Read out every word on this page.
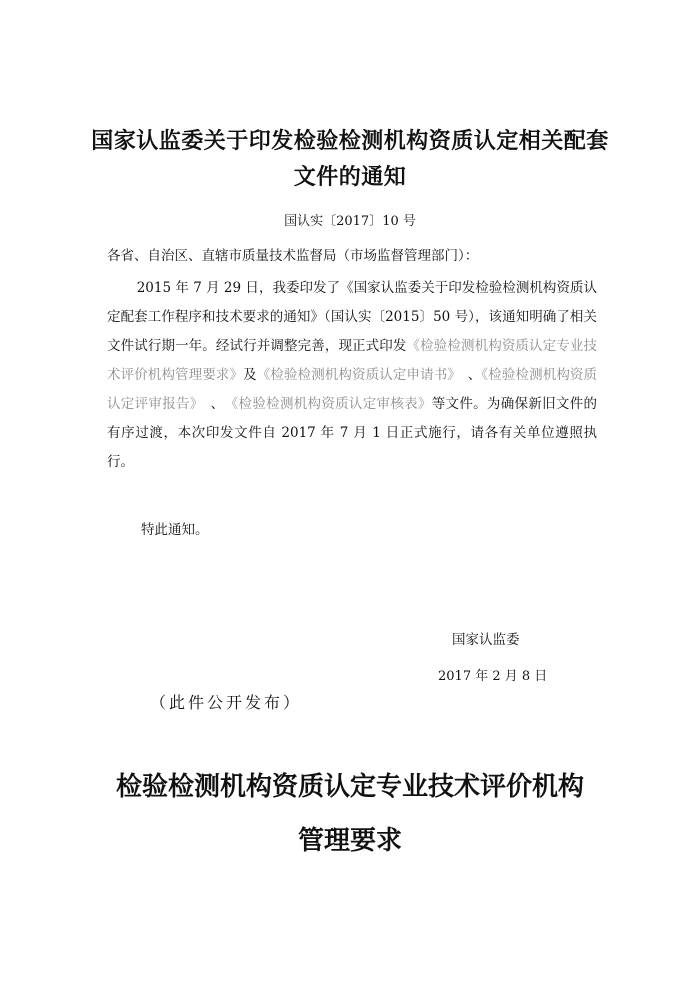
国家认监委关于印发检验检测机构资质认定相关配套
文件的通知
国认实〔2017〕10 号
各省、自治区、直辖市质量技术监督局（市场监督管理部门）：

2015 年 7 月 29 日，我委印发了《国家认监委关于印发检验检测机构资质认定配套工作程序和技术要求的通知》（国认实〔2015〕50 号），该通知明确了相关文件试行期一年。经试行并调整完善，现正式印发《检验检测机构资质认定专业技术评价机构管理要求》及《检验检测机构资质认定申请书》　、《检验检测机构资质认定评审报告》　、　《检验检测机构资质认定审核表》等文件。为确保新旧文件的有序过渡，本次印发文件自 2017 年 7 月 1 日正式施行，请各有关单位遵照执行。

特此通知。
国家认监委
2017 年 2 月 8 日
（此件公开发布）
检验检测机构资质认定专业技术评价机构
管理要求
